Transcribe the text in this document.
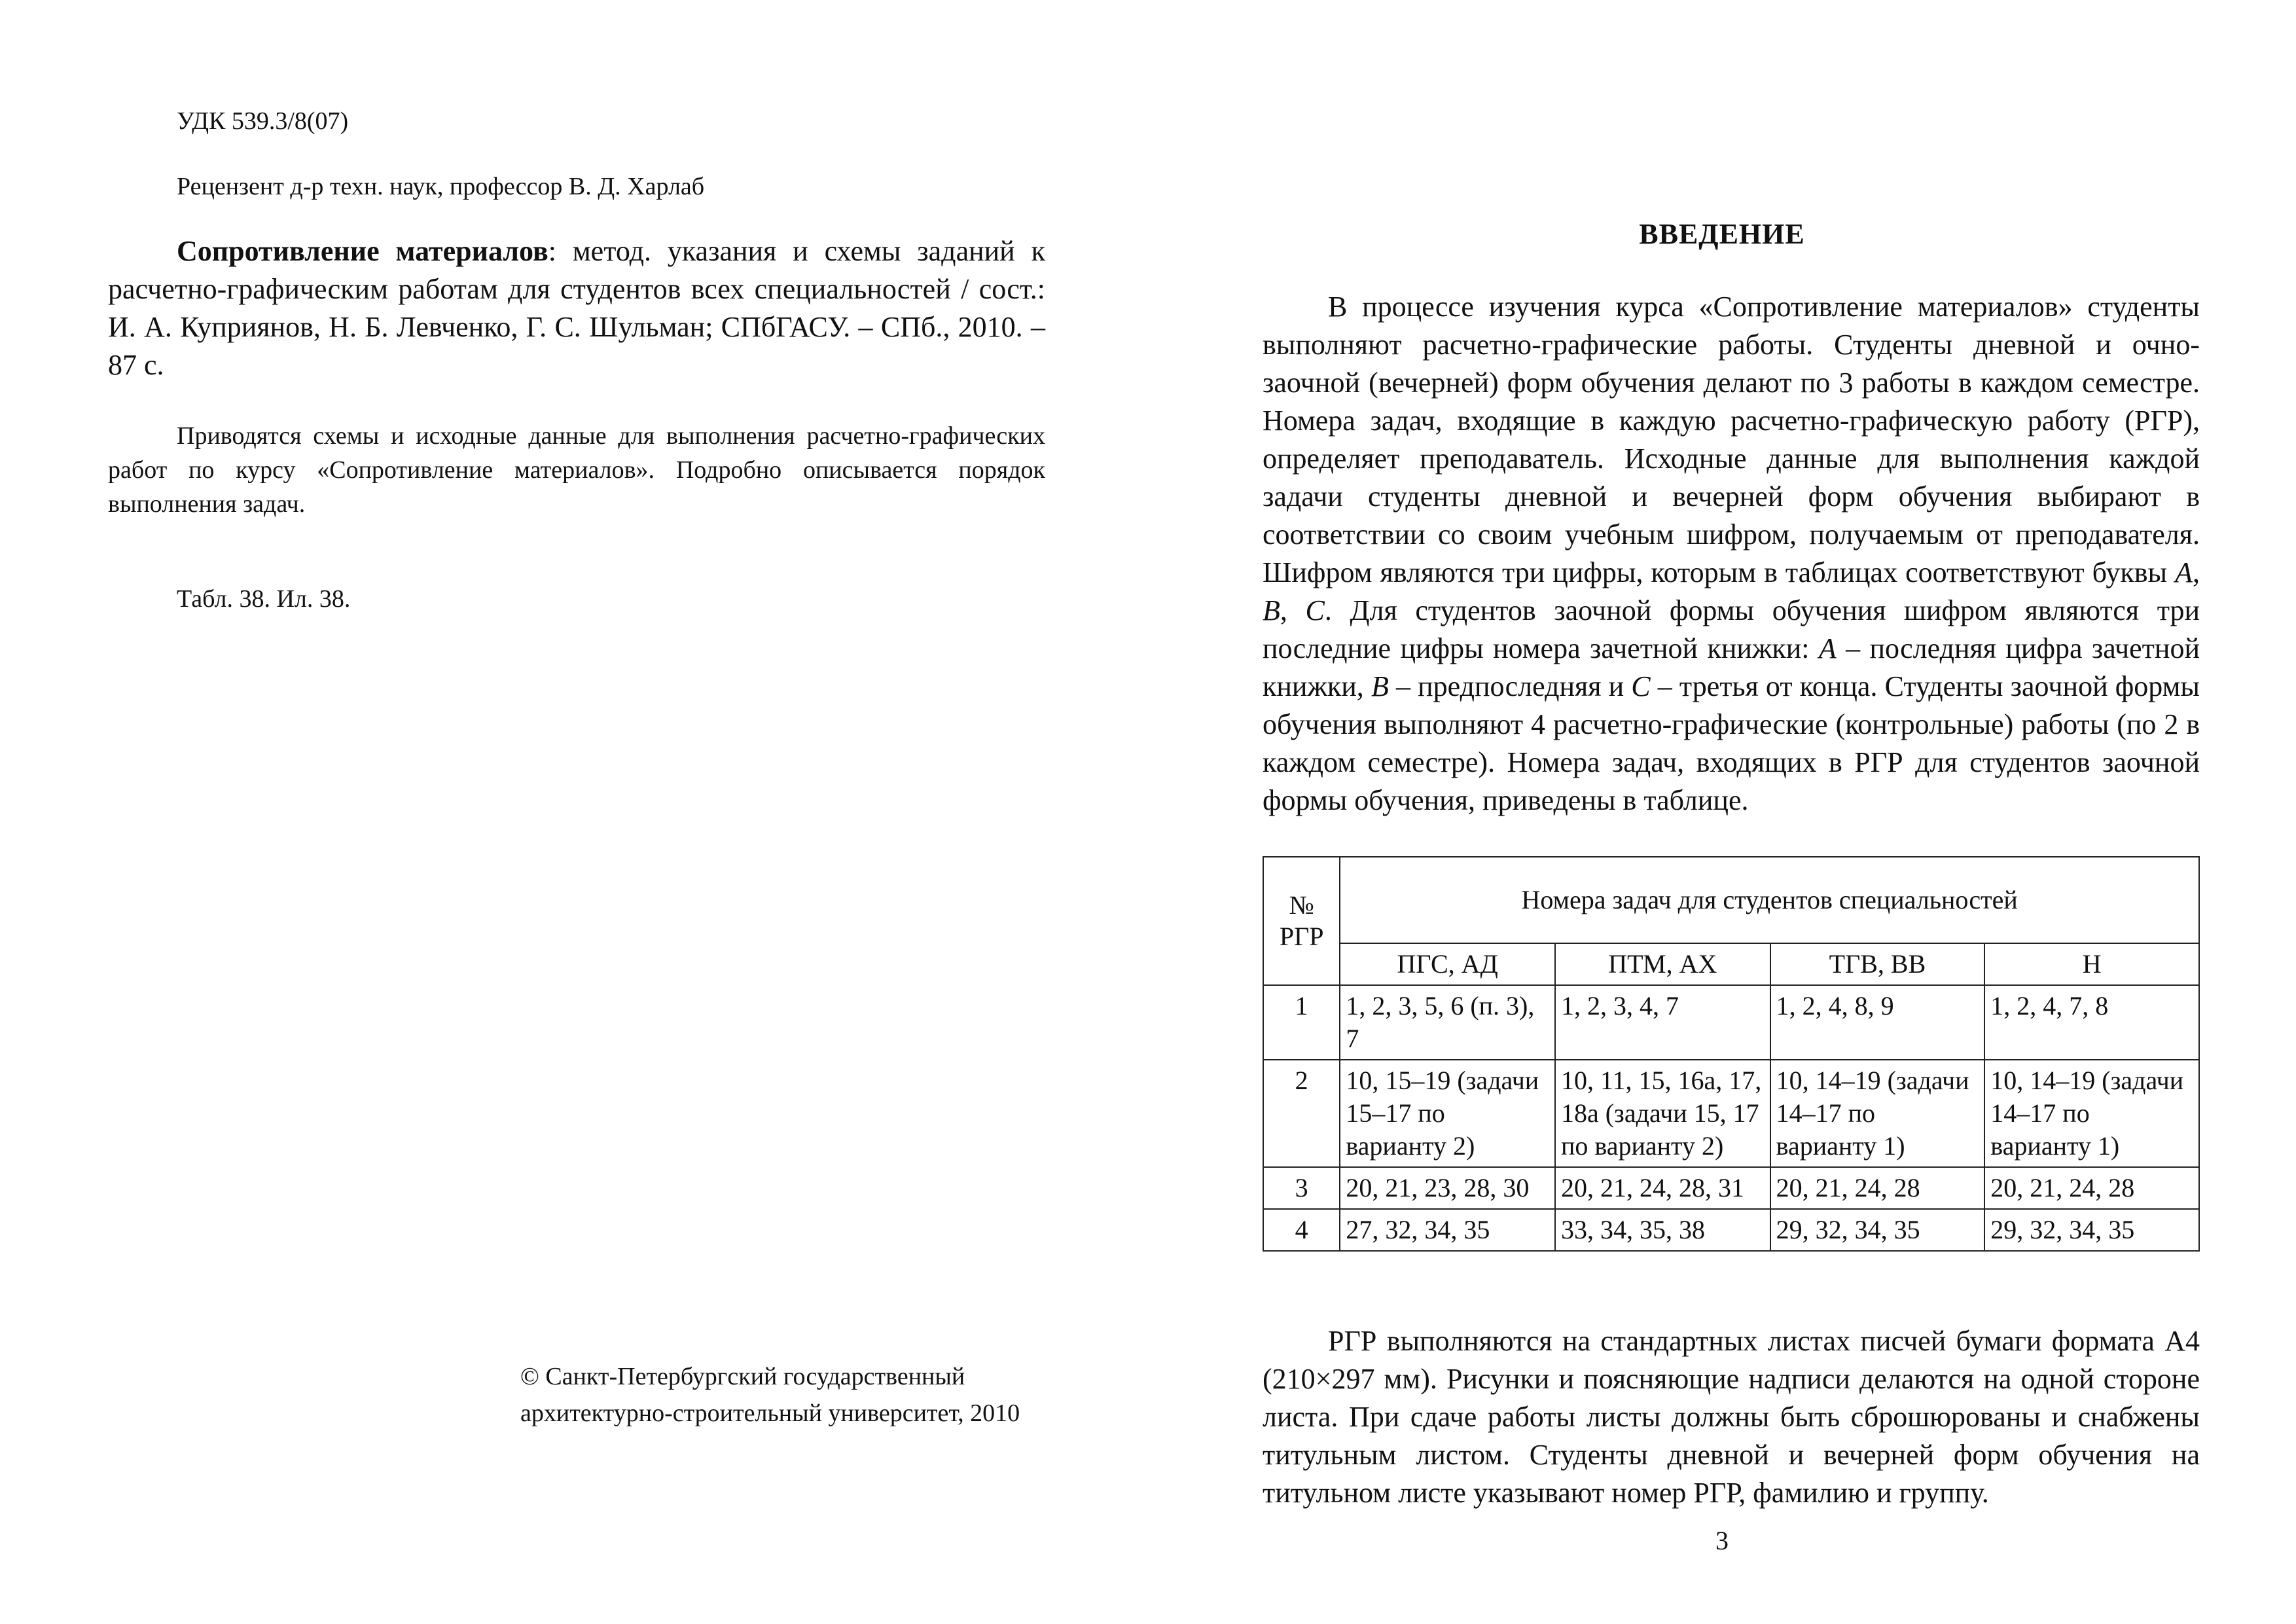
УДК 539.3/8(07)
Рецензент д-р техн. наук, профессор В. Д. Харлаб
Сопротивление материалов: метод. указания и схемы заданий к расчетно-графическим работам для студентов всех специальностей / сост.: И. А. Куприянов, Н. Б. Левченко, Г. С. Шульман; СПбГАСУ. – СПб., 2010. – 87 с.
Приводятся схемы и исходные данные для выполнения расчетно-графических работ по курсу «Сопротивление материалов». Подробно описывается порядок выполнения задач.
Табл. 38. Ил. 38.
© Санкт-Петербургский государственный
архитектурно-строительный университет, 2010
ВВЕДЕНИЕ
В процессе изучения курса «Сопротивление материалов» студенты выполняют расчетно-графические работы. Студенты дневной и очно-заочной (вечерней) форм обучения делают по 3 работы в каждом семестре. Номера задач, входящие в каждую расчетно-графическую работу (РГР), определяет преподаватель. Исходные данные для выполнения каждой задачи студенты дневной и вечерней форм обучения выбирают в соответствии со своим учебным шифром, получаемым от преподавателя. Шифром являются три цифры, которым в таблицах соответствуют буквы A, B, C. Для студентов заочной формы обучения шифром являются три последние цифры номера зачетной книжки: A – последняя цифра зачетной книжки, B – предпоследняя и C – третья от конца. Студенты заочной формы обучения выполняют 4 расчетно-графические (контрольные) работы (по 2 в каждом семестре). Номера задач, входящих в РГР для студентов заочной формы обучения, приведены в таблице.
№
РГР	Номера задач для студентов специальностей			
	ПГС, АД	ПТМ, АХ	ТГВ, ВВ	Н
1	1, 2, 3, 5, 6 (п. 3), 7	1, 2, 3, 4, 7	1, 2, 4, 8, 9	1, 2, 4, 7, 8
2	10, 15–19 (задачи 15–17 по варианту 2)	10, 11, 15, 16а, 17, 18а (задачи 15, 17 по варианту 2)	10, 14–19 (задачи 14–17 по варианту 1)	10, 14–19 (задачи 14–17 по варианту 1)
3	20, 21, 23, 28, 30	20, 21, 24, 28, 31	20, 21, 24, 28	20, 21, 24, 28
4	27, 32, 34, 35	33, 34, 35, 38	29, 32, 34, 35	29, 32, 34, 35
РГР выполняются на стандартных листах писчей бумаги формата А4 (210×297 мм). Рисунки и поясняющие надписи делаются на одной стороне листа. При сдаче работы листы должны быть сброшюрованы и снабжены титульным листом. Студенты дневной и вечерней форм обучения на титульном листе указывают номер РГР, фамилию и группу.
3
